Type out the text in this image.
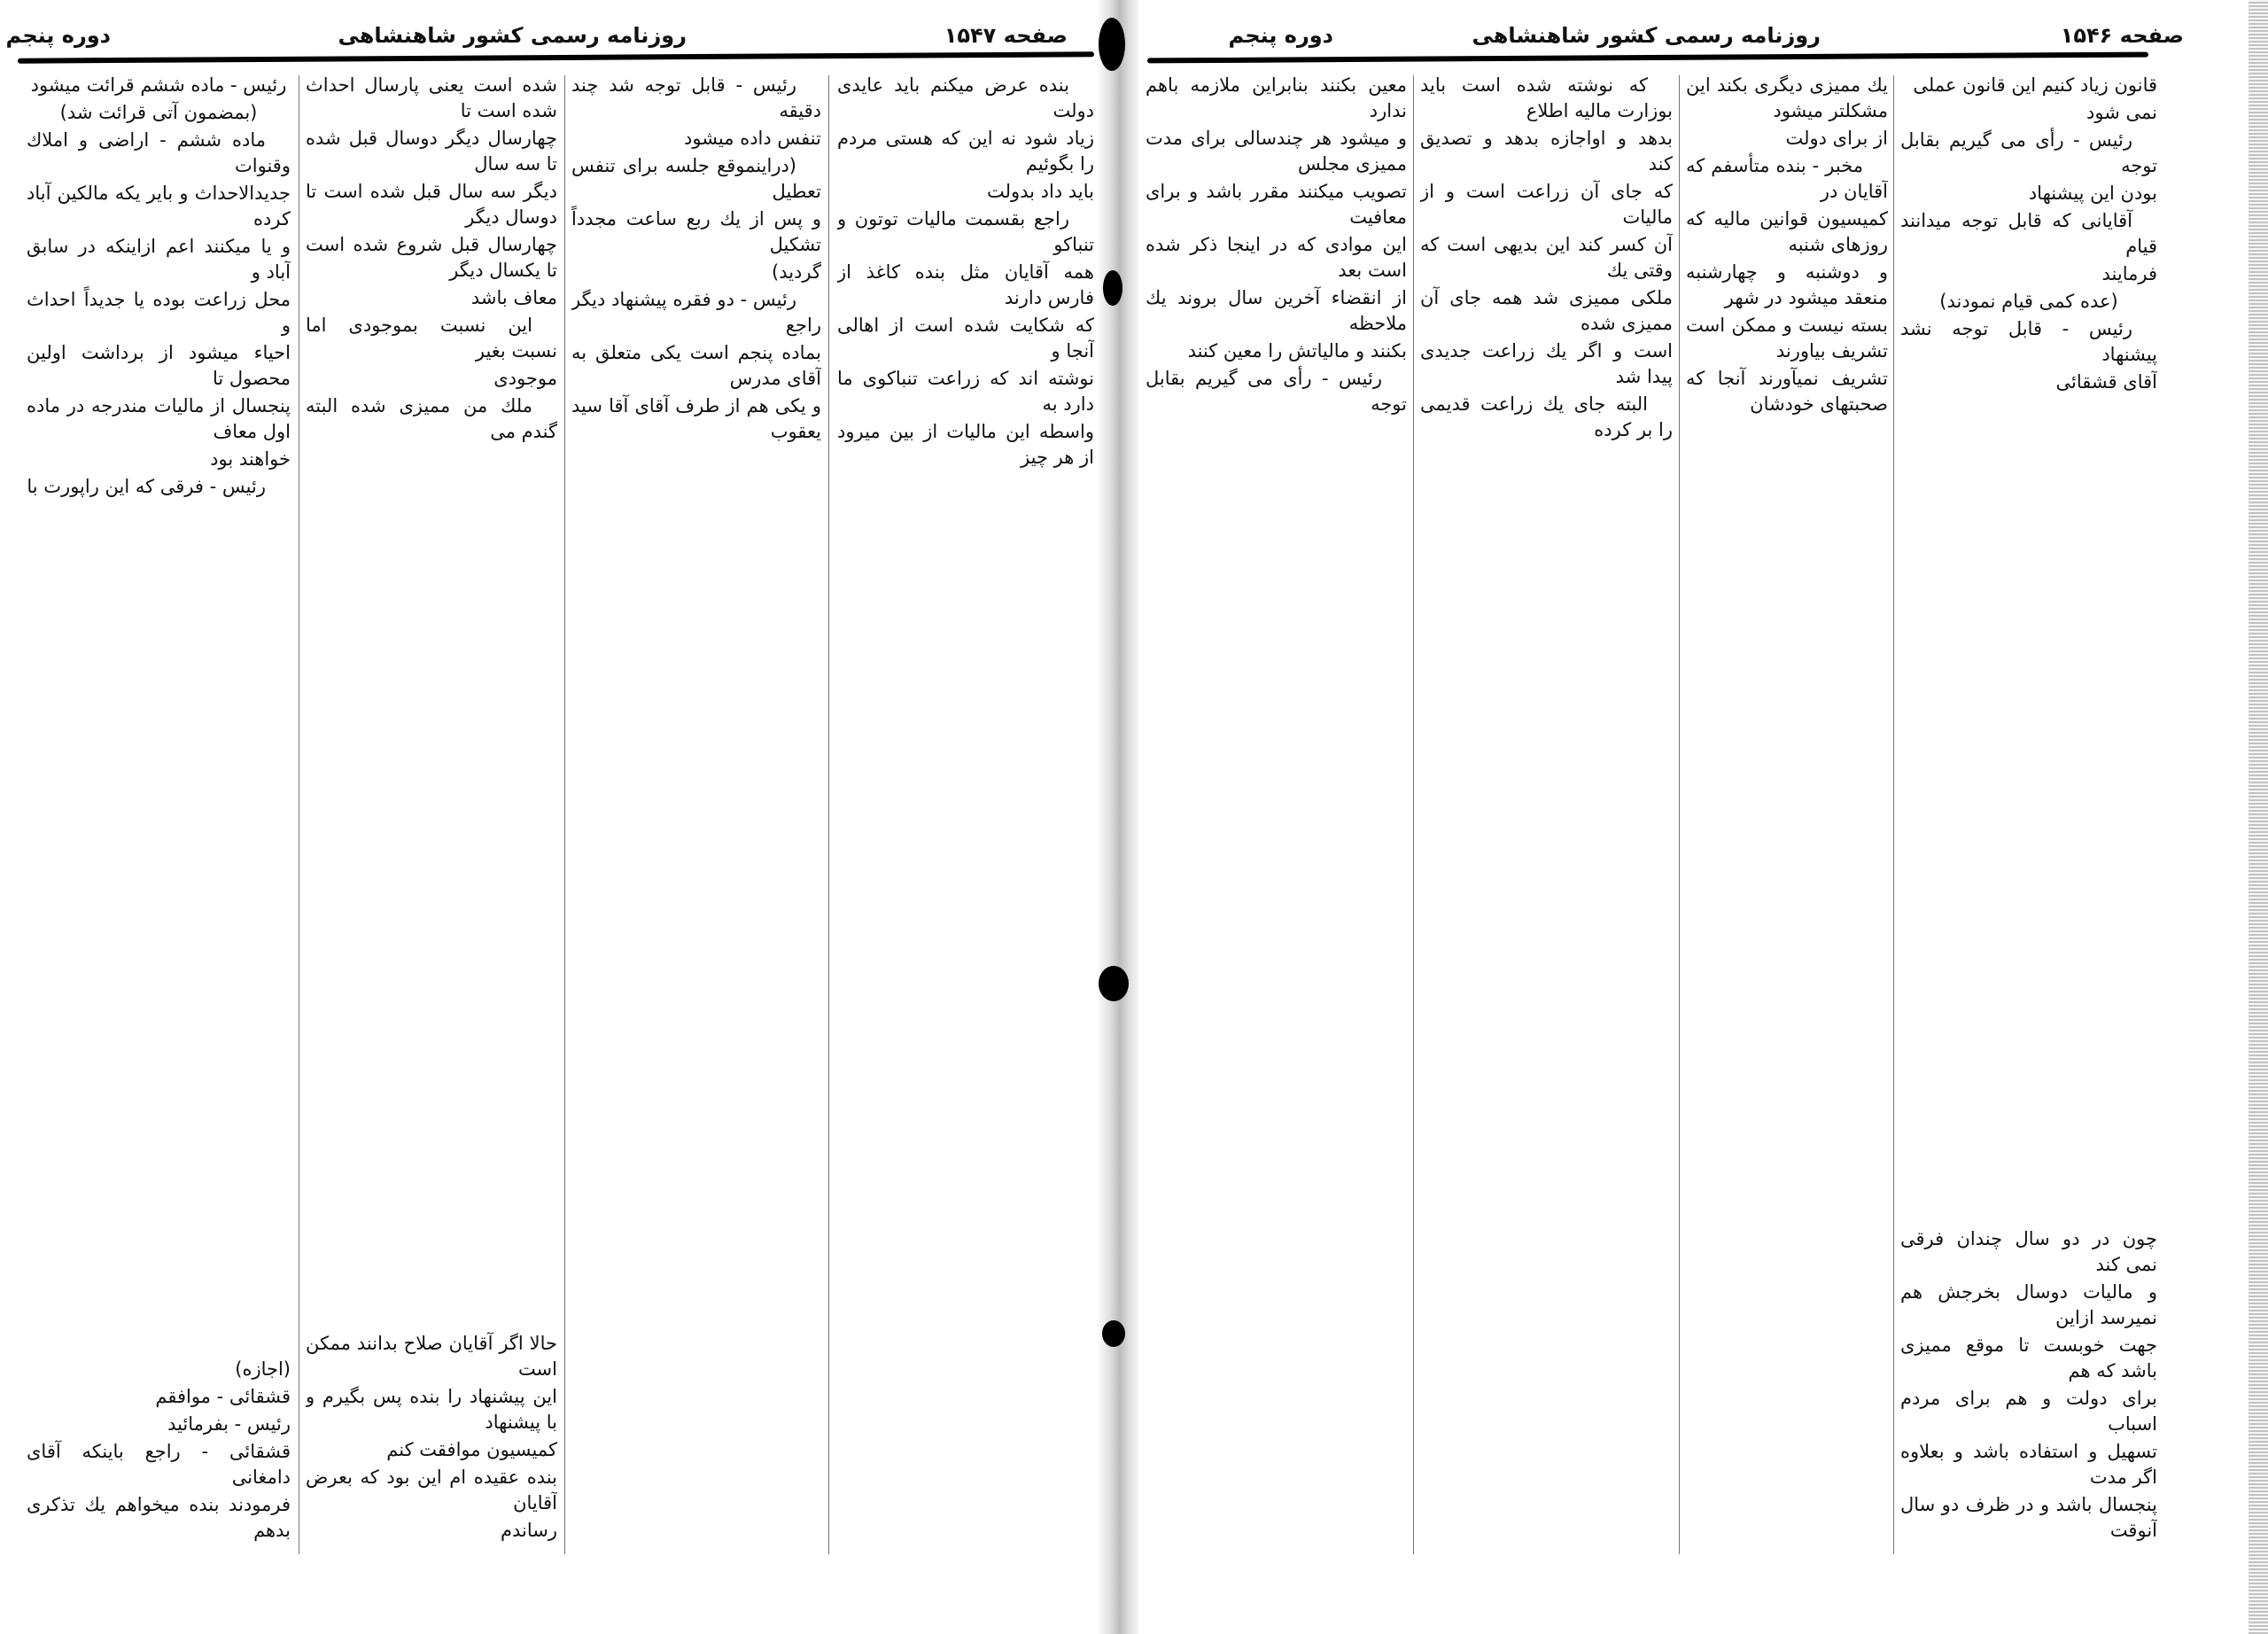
صفحه ۱۵۴۷
روزنامه رسمی کشور شاهنشاهی
دوره پنجم

بنده عرض میکنم باید عایدی دولت

زیاد شود نه این که هستی مردم را بگوئیم

باید داد بدولت

راجع بقسمت مالیات توتون و تنباکو

همه آقایان مثل بنده کاغذ از فارس دارند

که شکایت شده است از اهالی آنجا و

نوشته اند که زراعت تنباکوی ما دارد به

واسطه این مالیات از بین میرود از هر چیز

رئیس - قابل توجه شد چند دقیقه

تنفس داده میشود

(دراینموقع جلسه برای تنفس تعطیل

و پس از یك ربع ساعت مجدداً تشکیل

گردید)

رئیس - دو فقره پیشنهاد دیگر راجع

بماده پنجم است یکی متعلق به آقای مدرس

و یکی هم از طرف آقای آقا سید یعقوب

شده است یعنی پارسال احداث شده است تا

چهارسال دیگر دوسال قبل شده تا سه سال

دیگر سه سال قبل شده است تا دوسال دیگر

چهارسال قبل شروع شده است تا یکسال دیگر

معاف باشد

این نسبت بموجودی اما نسبت بغیر

موجودی

ملك من ممیزی شده البته گندم می

حالا اگر آقایان صلاح بدانند ممکن است

این پیشنهاد را بنده پس بگیرم و با پیشنهاد

کمیسیون موافقت کنم

بنده عقیده ام این بود که بعرض آقایان

رساندم

رئیس - ماده ششم قرائت میشود

(بمضمون آتی قرائت شد)

ماده ششم - اراضی و املاك وقنوات

جدیدالاحداث و بایر یکه مالکین آباد کرده

و یا میکنند اعم ازاینکه در سابق آباد و

محل زراعت بوده یا جدیداً احداث و

احیاء میشود از برداشت اولین محصول تا

پنجسال از مالیات مندرجه در ماده اول معاف

خواهند بود

رئیس - فرقی که این راپورت با

(اجازه)

قشقائی - موافقم

رئیس - بفرمائید

قشقائی - راجع باینکه آقای دامغانی

فرمودند بنده میخواهم یك تذکری بدهم

صفحه ۱۵۴۶
روزنامه رسمی کشور شاهنشاهی
دوره پنجم

قانون زیاد کنیم این قانون عملی

نمی شود

رئیس - رأی می گیریم بقابل توجه

بودن این پیشنهاد

آقایانی که قابل توجه میدانند قیام

فرمایند

(عده کمی قیام نمودند)

رئیس - قابل توجه نشد پیشنهاد

آقای قشقائی

چون در دو سال چندان فرقی نمی کند

و مالیات دوسال بخرجش هم نمیرسد ازاین

جهت خوبست تا موقع ممیزی باشد که هم

برای دولت و هم برای مردم اسباب

تسهیل و استفاده باشد و بعلاوه اگر مدت

پنجسال باشد و در ظرف دو سال آنوقت

یك ممیزی دیگری بکند این مشکلتر میشود

از برای دولت

مخبر - بنده متأسفم که آقایان در

کمیسیون قوانین مالیه که روزهای شنبه

و دوشنبه و چهارشنبه منعقد میشود در شهر

بسته نیست و ممکن است تشریف بیاورند

تشریف نمیآورند آنجا که صحبتهای خودشان

که نوشته شده است باید بوزارت مالیه اطلاع

بدهد و اواجازه بدهد و تصدیق کند

که جای آن زراعت است و از مالیات

آن کسر کند این بدیهی است که وقتی یك

ملکی ممیزی شد همه جای آن ممیزی شده

است و اگر یك زراعت جدیدی پیدا شد

البته جای یك زراعت قدیمی را بر کرده

معین بکنند بنابراین ملازمه باهم ندارد

و میشود هر چندسالی برای مدت ممیزی مجلس

تصویب میکنند مقرر باشد و برای معافیت

این موادی که در اینجا ذکر شده است بعد

از انقضاء آخرین سال بروند یك ملاحظه

بکنند و مالیاتش را معین کنند

رئیس - رأی می گیریم بقابل توجه
